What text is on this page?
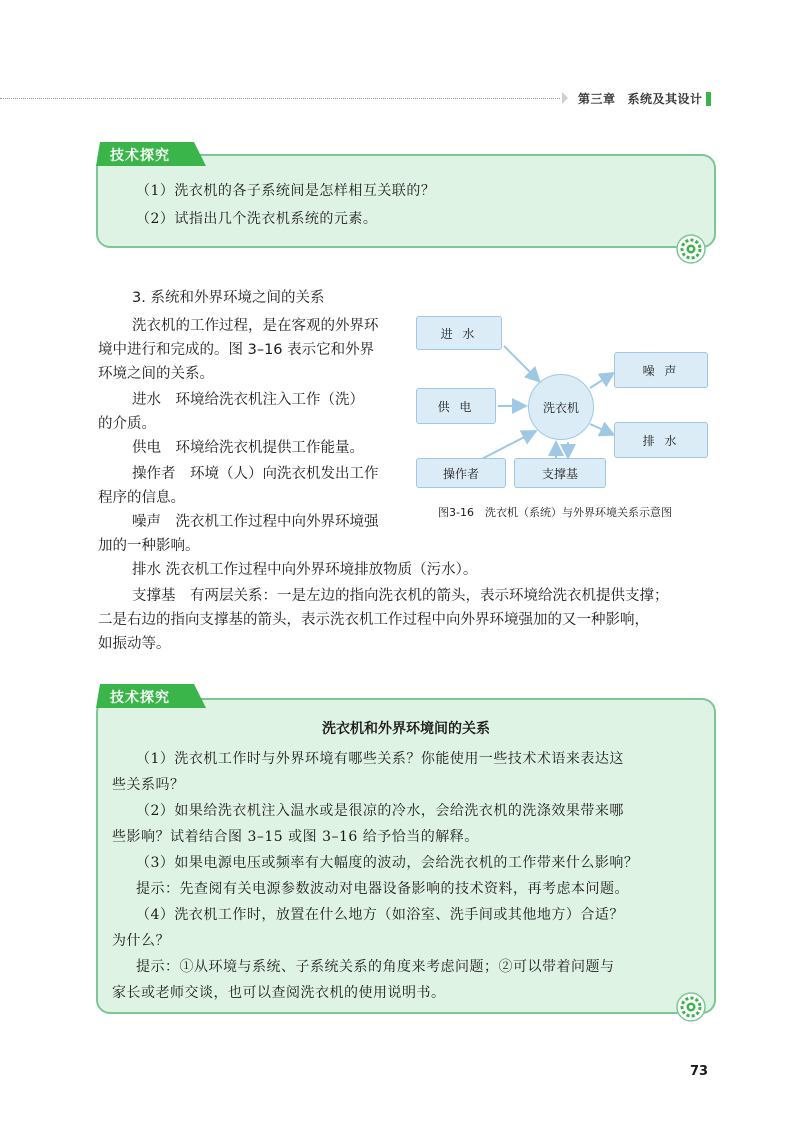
第三章 系统及其设计
技术探究
（1）洗衣机的各子系统间是怎样相互关联的？
（2）试指出几个洗衣机系统的元素。
3. 系统和外界环境之间的关系
洗衣机的工作过程，是在客观的外界环
境中进行和完成的。图 3–16 表示它和外界
环境之间的关系。
进水　环境给洗衣机注入工作（洗）
的介质。
供电　环境给洗衣机提供工作能量。
操作者　环境（人）向洗衣机发出工作
程序的信息。
噪声　洗衣机工作过程中向外界环境强
加的一种影响。
排水 洗衣机工作过程中向外界环境排放物质（污水）。
支撑基　有两层关系：一是左边的指向洗衣机的箭头，表示环境给洗衣机提供支撑；
二是右边的指向支撑基的箭头，表示洗衣机工作过程中向外界环境强加的又一种影响，
如振动等。
进 水
供 电
噪 声
排 水
操作者	支撑基
洗衣机
图3-16　洗衣机（系统）与外界环境关系示意图
技术探究
洗衣机和外界环境间的关系
（1）洗衣机工作时与外界环境有哪些关系？你能使用一些技术术语来表达这
些关系吗？
（2）如果给洗衣机注入温水或是很凉的冷水，会给洗衣机的洗涤效果带来哪
些影响？试着结合图 3–15 或图 3–16 给予恰当的解释。
（3）如果电源电压或频率有大幅度的波动，会给洗衣机的工作带来什么影响？
提示：先查阅有关电源参数波动对电器设备影响的技术资料，再考虑本问题。
（4）洗衣机工作时，放置在什么地方（如浴室、洗手间或其他地方）合适？
为什么？
提示：①从环境与系统、子系统关系的角度来考虑问题；②可以带着问题与
家长或老师交谈，也可以查阅洗衣机的使用说明书。
73
